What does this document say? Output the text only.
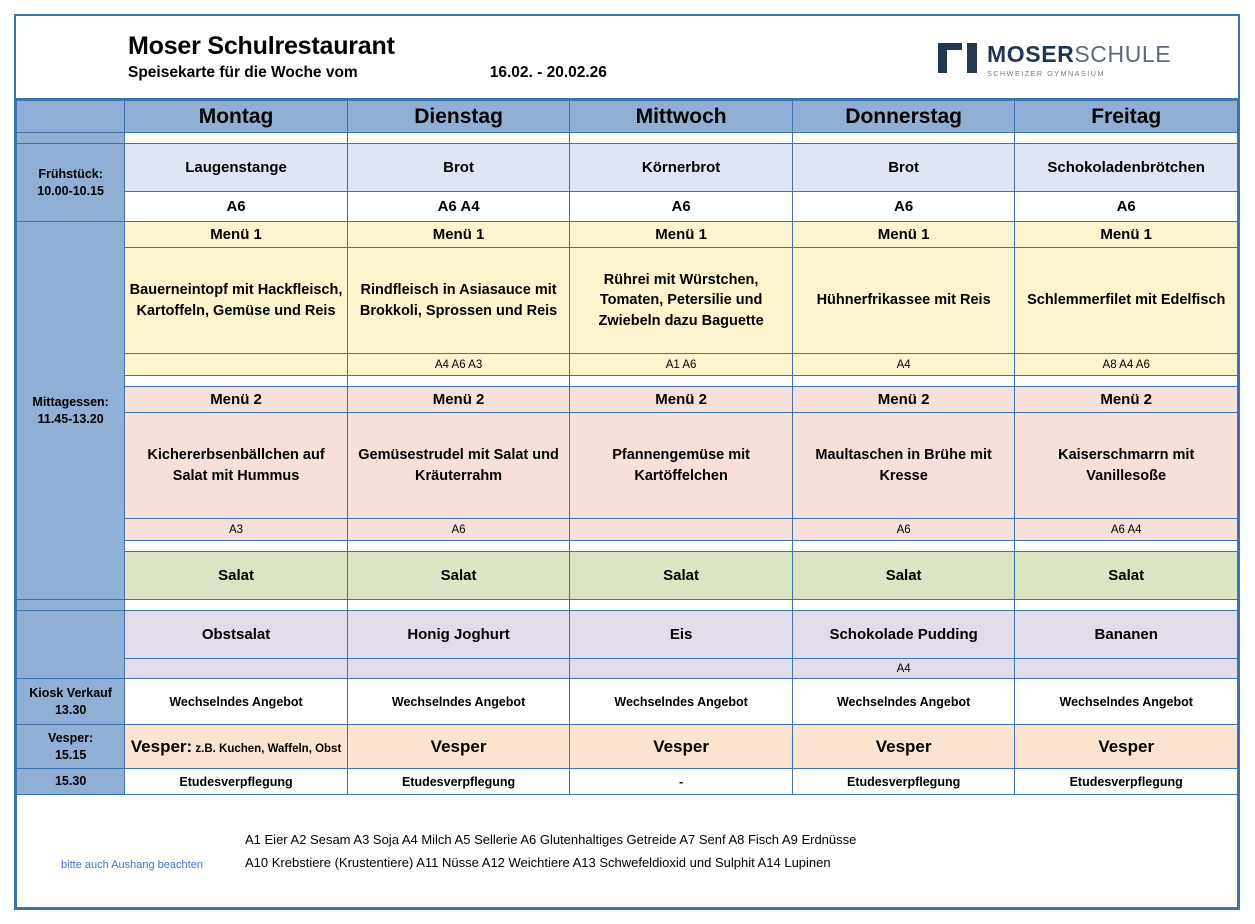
Moser Schulrestaurant
Speisekarte für die Woche vom	16.02. - 20.02.26
MOSERSCHULE
SCHWEIZER GYMNASIUM
	Montag	Dienstag	Mittwoch	Donnerstag	Freitag

Frühstück:
10.00-10.15	Laugenstange	Brot	Körnerbrot	Brot	Schokoladenbrötchen
	A6	A6 A4	A6	A6	A6

Mittagessen:
11.45-13.20	Menü 1	Menü 1	Menü 1	Menü 1	Menü 1
	Bauerneintopf mit Hackfleisch, Kartoffeln, Gemüse und Reis	Rindfleisch in Asiasauce mit Brokkoli, Sprossen und Reis	Rührei mit Würstchen, Tomaten, Petersilie und Zwiebeln dazu Baguette	Hühnerfrikassee mit Reis	Schlemmerfilet mit Edelfisch
		A4 A6 A3	A1 A6	A4	A8 A4 A6

	Menü 2	Menü 2	Menü 2	Menü 2	Menü 2
	Kichererbsenbällchen auf Salat mit Hummus	Gemüsestrudel mit Salat und Kräuterrahm	Pfannengemüse mit Kartöffelchen	Maultaschen in Brühe mit Kresse	Kaiserschmarrn mit Vanillesoße
	A3	A6		A6	A6 A4

	Salat	Salat	Salat	Salat	Salat

	Obstsalat	Honig Joghurt	Eis	Schokolade Pudding	Bananen
				A4	

Kiosk Verkauf
13.30	Wechselndes Angebot	Wechselndes Angebot	Wechselndes Angebot	Wechselndes Angebot	Wechselndes Angebot

Vesper:
15.15	Vesper: z.B. Kuchen, Waffeln, Obst	Vesper	Vesper	Vesper	Vesper
15.30	Etudesverpflegung	Etudesverpflegung	-	Etudesverpflegung	Etudesverpflegung

bitte auch Aushang beachten
A1 Eier A2 Sesam A3 Soja A4 Milch A5 Sellerie A6 Glutenhaltiges Getreide A7 Senf A8 Fisch A9 Erdnüsse
A10 Krebstiere (Krustentiere) A11 Nüsse A12 Weichtiere A13 Schwefeldioxid und Sulphit A14 Lupinen					
